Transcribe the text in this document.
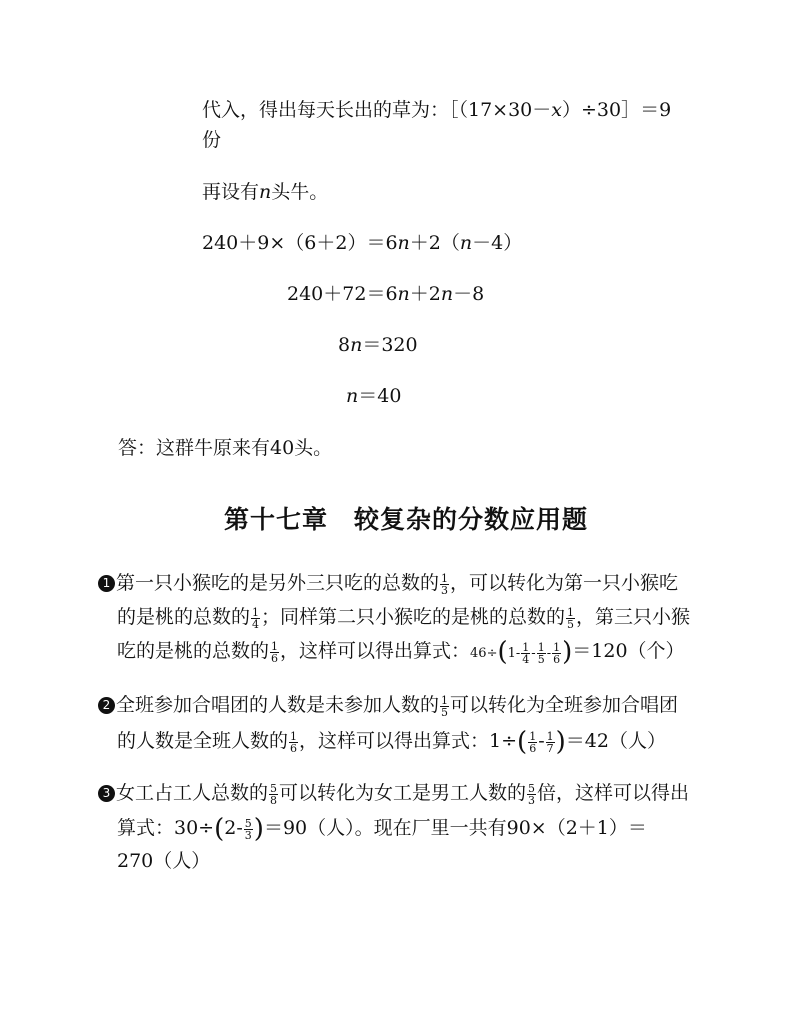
代入，得出每天长出的草为：［（17×30－x）÷30］＝9
份
再设有n头牛。
240＋9×（6＋2）＝6n＋2（n－4）
240＋72＝6n＋2n－8
8n＝320
n＝40
答：这群牛原来有40头。
第十七章　较复杂的分数应用题
1 第一只小猴吃的是另外三只吃的总数的 $\frac{1}{3}$ ，可以转化为第一只小猴吃
的是桃的总数的 $\frac{1}{4}$ ；同样第二只小猴吃的是桃的总数的 $\frac{1}{5}$ ，第三只小猴
吃的是桃的总数的 $\frac{1}{6}$ ，这样可以得出算式：$46\div(1- \frac{1}{4} - \frac{1}{5} - \frac{1}{6} )=120$（个）
2 全班参加合唱团的人数是未参加人数的 $\frac{1}{5}$ 可以转化为全班参加合唱团
的人数是全班人数的 $\frac{1}{6}$ ，这样可以得出算式：$1\div( \frac{1}{6} - \frac{1}{7} )=42$（人）
3 女工占工人总数的 $\frac{5}{8}$ 可以转化为女工是男工人数的 $\frac{5}{3}$ 倍，这样可以得出
算式：$30\div(2- \frac{5}{3} )=90$（人）。现在厂里一共有90×（2＋1）＝
270（人）
